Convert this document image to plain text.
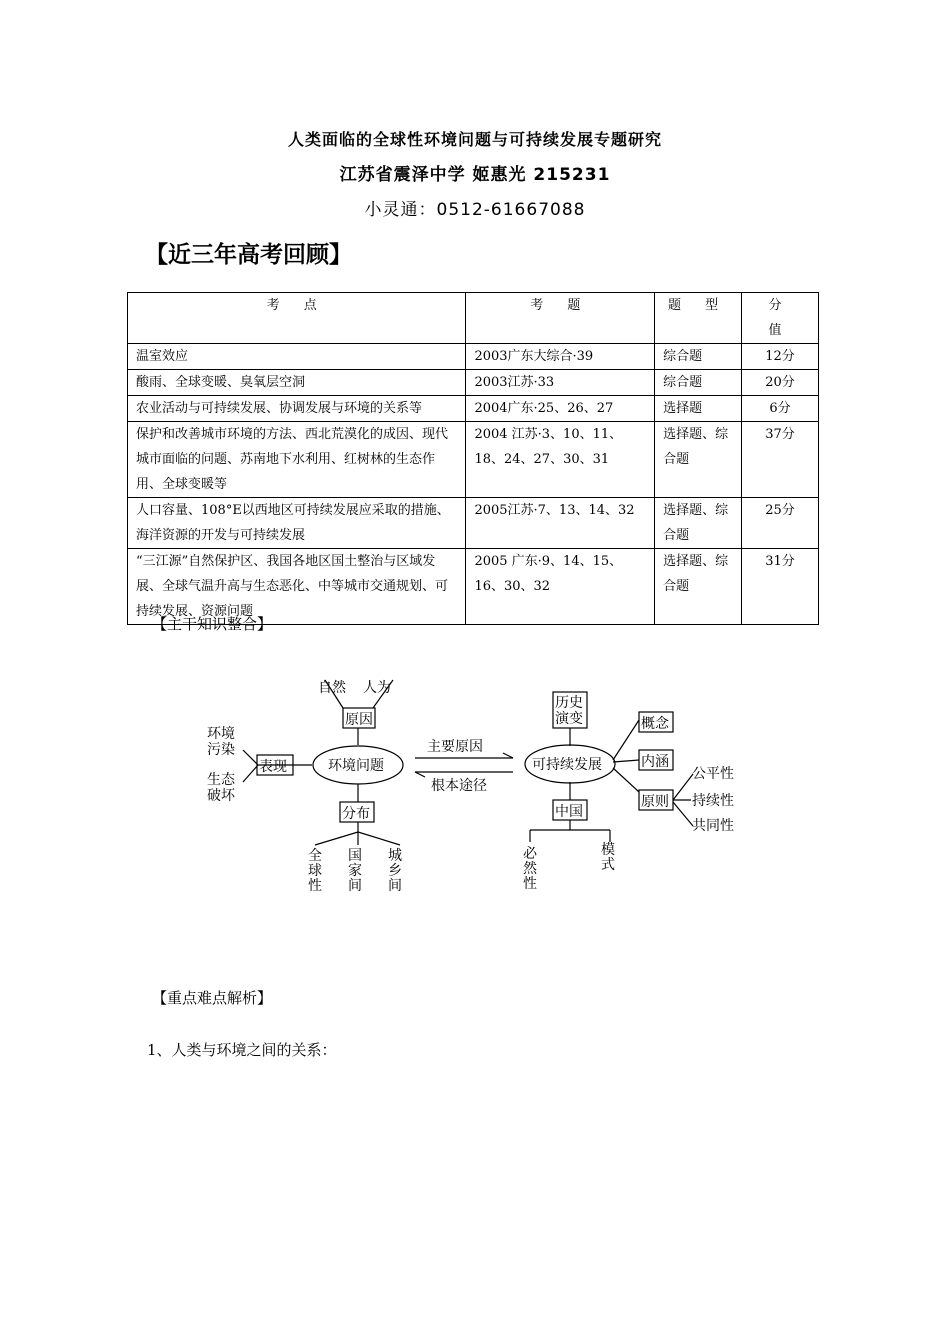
人类面临的全球性环境问题与可持续发展专题研究
江苏省震泽中学 姬惠光 215231
小灵通：0512-61667088
【近三年高考回顾】
考 点	考 题	题 型	分 值
温室效应	2003广东大综合·39	综合题	12分
酸雨、全球变暖、臭氧层空洞	2003江苏·33	综合题	20分
农业活动与可持续发展、协调发展与环境的关系等	2004广东·25、26、27	选择题	6分
保护和改善城市环境的方法、西北荒漠化的成因、现代城市面临的问题、苏南地下水利用、红树林的生态作用、全球变暖等	2004 江苏·3、10、11、18、24、27、30、31	选择题、综合题	37分
人口容量、108°E以西地区可持续发展应采取的措施、海洋资源的开发与可持续发展	2005江苏·7、13、14、32	选择题、综合题	25分
“三江源”自然保护区、我国各地区国土整治与区域发展、全球气温升高与生态恶化、中等城市交通规划、可持续发展、资源问题	2005 广东·9、14、15、16、30、32	选择题、综合题	31分
【主干知识整合】
自然 人为
原因
环境
污染
生态
破坏
表现	环境问题
分布
全
球
性
国
家
间
城
乡
间
主要原因
根本途径
历史
演变
可持续发展
概念
内涵
原则
公平性
持续性
共同性
中国
必
然
性
模
式
【重点难点解析】
1、人类与环境之间的关系：
